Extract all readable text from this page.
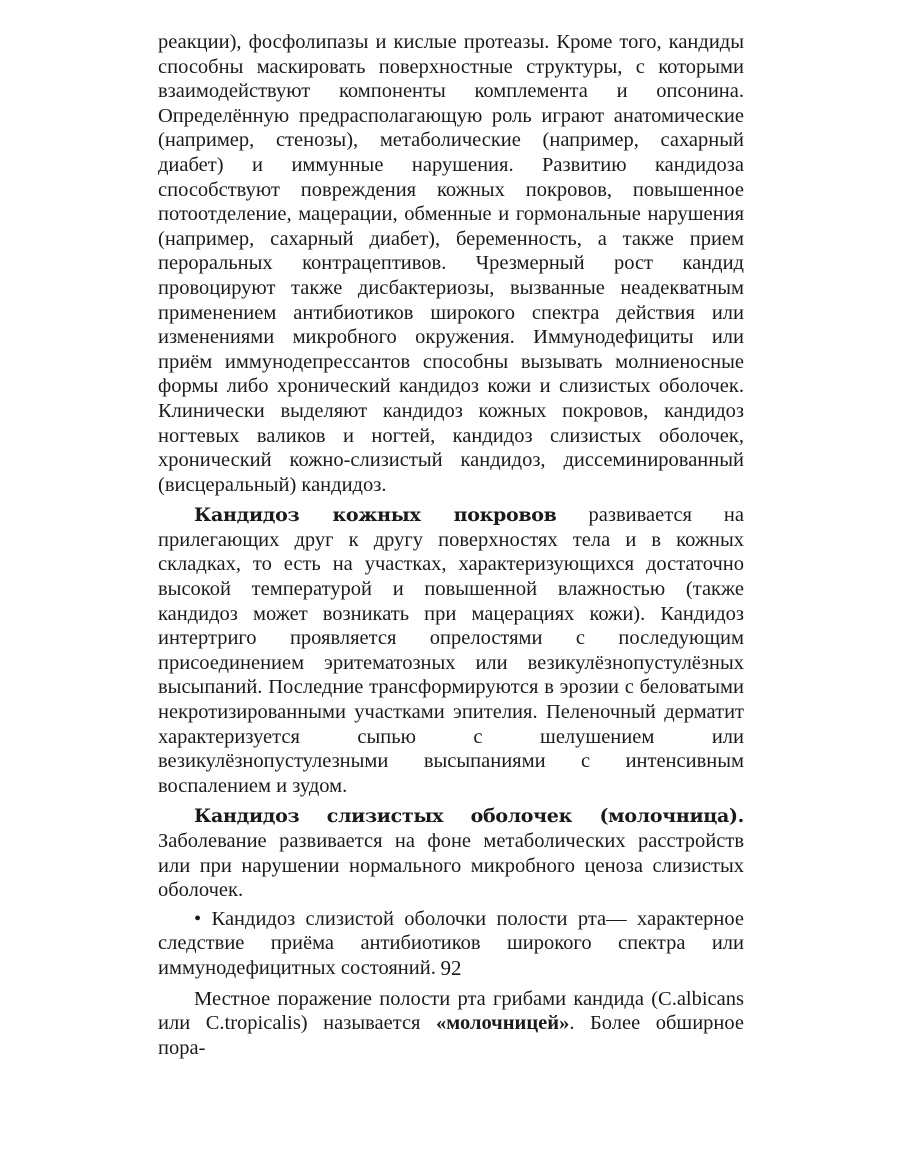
реакции), фосфолипазы и кислые протеазы. Кроме того, кандиды способны маскировать поверхностные структуры, с которыми взаимодействуют компоненты комплемента и опсонина. Определённую предрасполагающую роль играют анатомические (например, стенозы), метаболические (например, сахарный диабет) и иммунные нарушения. Развитию кандидоза способствуют повреждения кожных покровов, повышенное потоотделение, мацерации, обменные и гормональные нарушения (например, сахарный диабет), беременность, а также прием пероральных контрацептивов. Чрезмерный рост кандид провоцируют также дисбактериозы, вызванные неадекватным применением антибиотиков широкого спектра действия или изменениями микробного окружения. Иммунодефициты или приём иммунодепрессантов способны вызывать молниеносные формы либо хронический кандидоз кожи и слизистых оболочек. Клинически выделяют кандидоз кожных покровов, кандидоз ногтевых валиков и ногтей, кандидоз слизистых оболочек, хронический кожно-слизистый кандидоз, диссеминированный (висцеральный) кандидоз.

Кандидоз кожных покровов развивается на прилегающих друг к другу поверхностях тела и в кожных складках, то есть на участках, характеризующихся достаточно высокой температурой и повышенной влажностью (также кандидоз может возникать при мацерациях кожи). Кандидоз интертриго проявляется опрелостями с последующим присоединением эритематозных или везикулёзнопустулёзных высыпаний. Последние трансформируются в эрозии с беловатыми некротизированными участками эпителия. Пеленочный дерматит характеризуется сыпью с шелушением или везикулёзнопустулезными высыпаниями с интенсивным воспалением и зудом.

Кандидоз слизистых оболочек (молочница). Заболевание развивается на фоне метаболических расстройств или при нарушении нормального микробного ценоза слизистых оболочек.

• Кандидоз слизистой оболочки полости рта— характерное следствие приёма антибиотиков широкого спектра или иммунодефицитных состояний.

Местное поражение полости рта грибами кандида (C.albicans или C.tropicalis) называется «молочницей». Более обширное пора-

92
